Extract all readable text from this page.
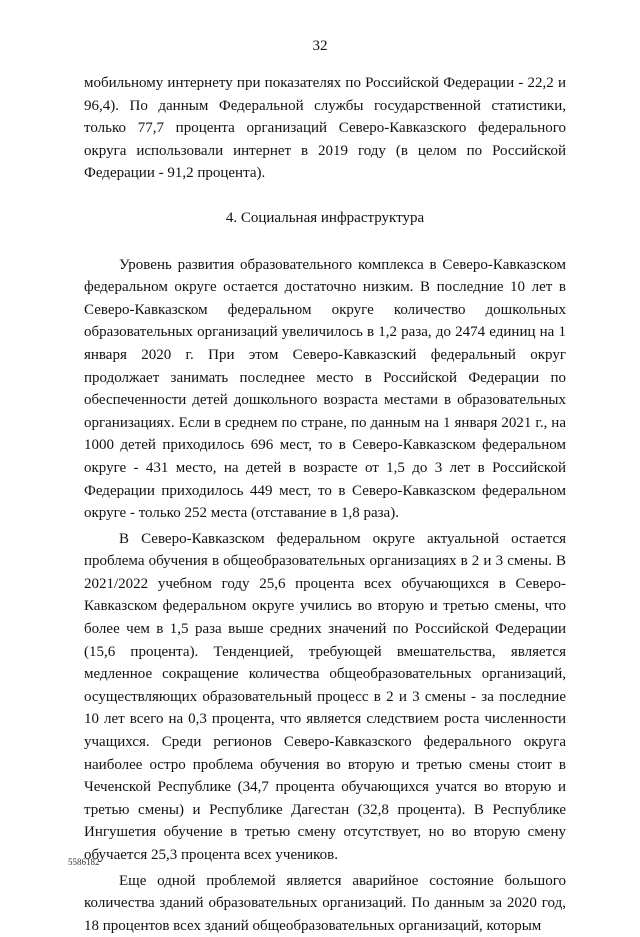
32

мобильному интернету при показателях по Российской Федерации - 22,2 и 96,4). По данным Федеральной службы государственной статистики, только 77,7 процента организаций Северо-Кавказского федерального округа использовали интернет в 2019 году (в целом по Российской Федерации - 91,2 процента).

4. Социальная инфраструктура

Уровень развития образовательного комплекса в Северо-Кавказском федеральном округе остается достаточно низким. В последние 10 лет в Северо-Кавказском федеральном округе количество дошкольных образовательных организаций увеличилось в 1,2 раза, до 2474 единиц на 1 января 2020 г. При этом Северо-Кавказский федеральный округ продолжает занимать последнее место в Российской Федерации по обеспеченности детей дошкольного возраста местами в образовательных организациях. Если в среднем по стране, по данным на 1 января 2021 г., на 1000 детей приходилось 696 мест, то в Северо-Кавказском федеральном округе - 431 место, на детей в возрасте от 1,5 до 3 лет в Российской Федерации приходилось 449 мест, то в Северо-Кавказском федеральном округе - только 252 места (отставание в 1,8 раза).

В Северо-Кавказском федеральном округе актуальной остается проблема обучения в общеобразовательных организациях в 2 и 3 смены. В 2021/2022 учебном году 25,6 процента всех обучающихся в Северо-Кавказском федеральном округе учились во вторую и третью смены, что более чем в 1,5 раза выше средних значений по Российской Федерации (15,6 процента). Тенденцией, требующей вмешательства, является медленное сокращение количества общеобразовательных организаций, осуществляющих образовательный процесс в 2 и 3 смены - за последние 10 лет всего на 0,3 процента, что является следствием роста численности учащихся. Среди регионов Северо-Кавказского федерального округа наиболее остро проблема обучения во вторую и третью смены стоит в Чеченской Республике (34,7 процента обучающихся учатся во вторую и третью смены) и Республике Дагестан (32,8 процента). В Республике Ингушетия обучение в третью смену отсутствует, но во вторую смену обучается 25,3 процента всех учеников.

Еще одной проблемой является аварийное состояние большого количества зданий образовательных организаций. По данным за 2020 год, 18 процентов всех зданий общеобразовательных организаций, которым

5586182
